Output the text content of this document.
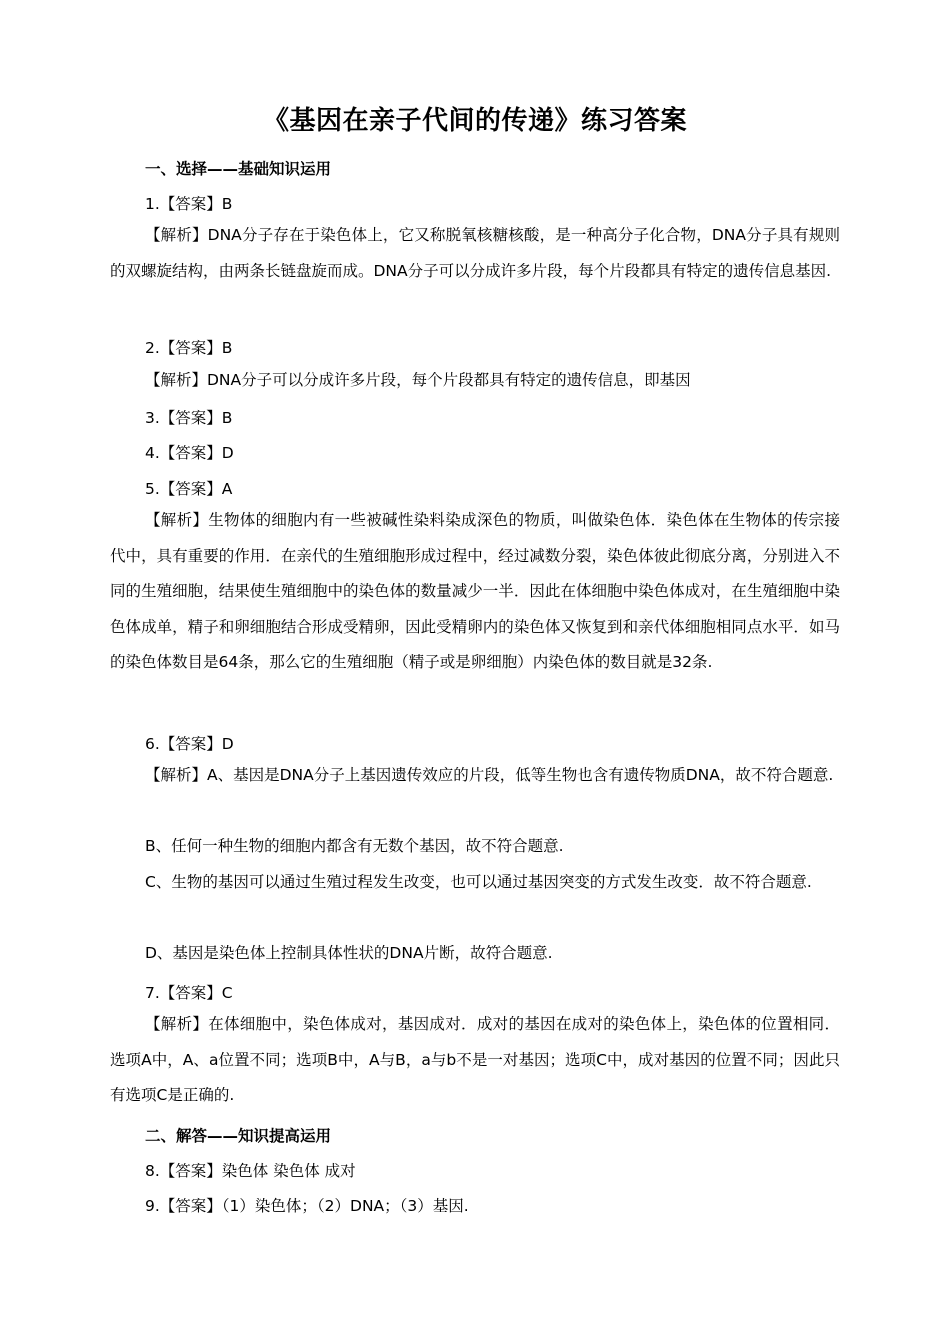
《基因在亲子代间的传递》练习答案
一、选择——基础知识运用
1.【答案】B
【解析】DNA分子存在于染色体上，它又称脱氧核糖核酸，是一种高分子化合物，DNA分子具有规则的双螺旋结构，由两条长链盘旋而成。DNA分子可以分成许多片段，每个片段都具有特定的遗传信息基因.
2.【答案】B
【解析】DNA分子可以分成许多片段，每个片段都具有特定的遗传信息，即基因
3.【答案】B
4.【答案】D
5.【答案】A
【解析】生物体的细胞内有一些被碱性染料染成深色的物质，叫做染色体．染色体在生物体的传宗接代中，具有重要的作用．在亲代的生殖细胞形成过程中，经过减数分裂，染色体彼此彻底分离，分别进入不同的生殖细胞，结果使生殖细胞中的染色体的数量减少一半．因此在体细胞中染色体成对，在生殖细胞中染色体成单，精子和卵细胞结合形成受精卵，因此受精卵内的染色体又恢复到和亲代体细胞相同点水平．如马的染色体数目是64条，那么它的生殖细胞（精子或是卵细胞）内染色体的数目就是32条.
6.【答案】D
【解析】A、基因是DNA分子上基因遗传效应的片段，低等生物也含有遗传物质DNA，故不符合题意.
B、任何一种生物的细胞内都含有无数个基因，故不符合题意.
C、生物的基因可以通过生殖过程发生改变，也可以通过基因突变的方式发生改变．故不符合题意.
D、基因是染色体上控制具体性状的DNA片断，故符合题意.
7.【答案】C
【解析】在体细胞中，染色体成对，基因成对．成对的基因在成对的染色体上，染色体的位置相同．选项A中，A、a位置不同；选项B中，A与B，a与b不是一对基因；选项C中，成对基因的位置不同；因此只有选项C是正确的.
二、解答——知识提高运用
8.【答案】染色体 染色体 成对
9.【答案】（1）染色体；（2）DNA；（3）基因.
